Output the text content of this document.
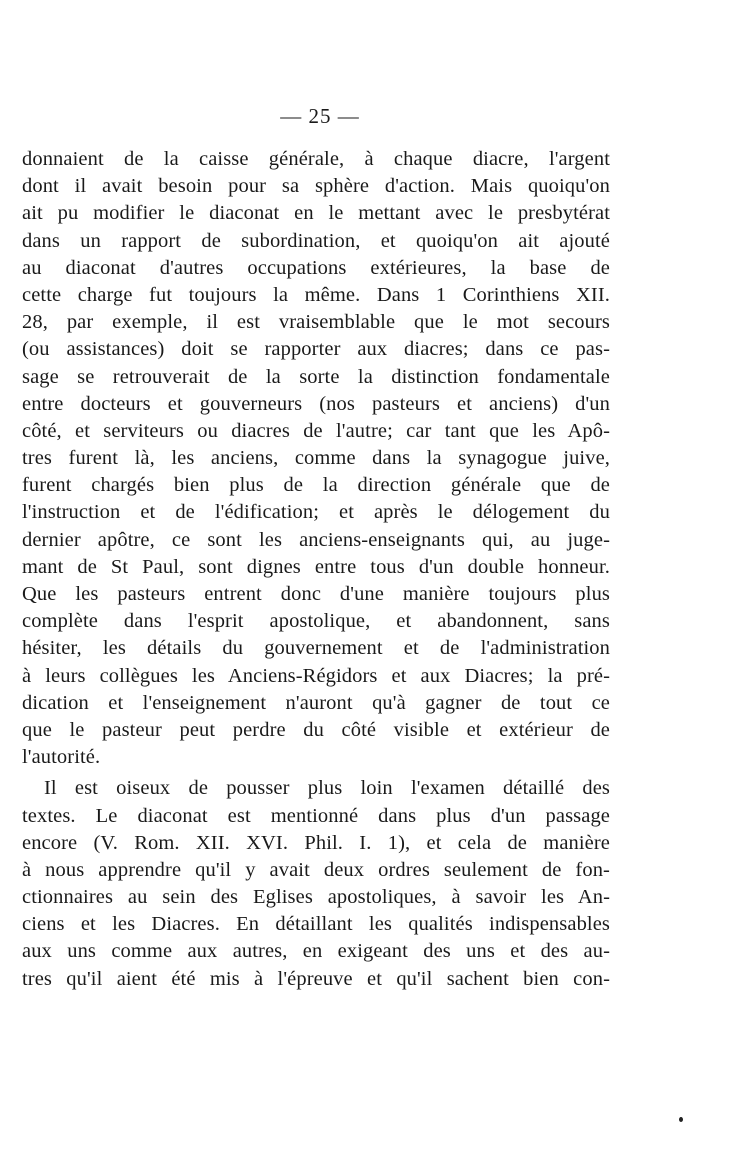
— 25 —
donnaient de la caisse générale, à chaque diacre, l'argent
dont il avait besoin pour sa sphère d'action. Mais quoiqu'on
ait pu modifier le diaconat en le mettant avec le presbytérat
dans un rapport de subordination, et quoiqu'on ait ajouté
au diaconat d'autres occupations extérieures, la base de
cette charge fut toujours la même. Dans 1 Corinthiens XII.
28, par exemple, il est vraisemblable que le mot secours
(ou assistances) doit se rapporter aux diacres; dans ce pas-
sage se retrouverait de la sorte la distinction fondamentale
entre docteurs et gouverneurs (nos pasteurs et anciens) d'un
côté, et serviteurs ou diacres de l'autre; car tant que les Apô-
tres furent là, les anciens, comme dans la synagogue juive,
furent chargés bien plus de la direction générale que de
l'instruction et de l'édification; et après le délogement du
dernier apôtre, ce sont les anciens-enseignants qui, au juge-
mant de St Paul, sont dignes entre tous d'un double honneur.
Que les pasteurs entrent donc d'une manière toujours plus
complète dans l'esprit apostolique, et abandonnent, sans
hésiter, les détails du gouvernement et de l'administration
à leurs collègues les Anciens-Régidors et aux Diacres; la pré-
dication et l'enseignement n'auront qu'à gagner de tout ce
que le pasteur peut perdre du côté visible et extérieur de
l'autorité.
Il est oiseux de pousser plus loin l'examen détaillé des
textes. Le diaconat est mentionné dans plus d'un passage
encore (V. Rom. XII. XVI. Phil. I. 1), et cela de manière
à nous apprendre qu'il y avait deux ordres seulement de fon-
ctionnaires au sein des Eglises apostoliques, à savoir les An-
ciens et les Diacres. En détaillant les qualités indispensables
aux uns comme aux autres, en exigeant des uns et des au-
tres qu'il aient été mis à l'épreuve et qu'il sachent bien con-
